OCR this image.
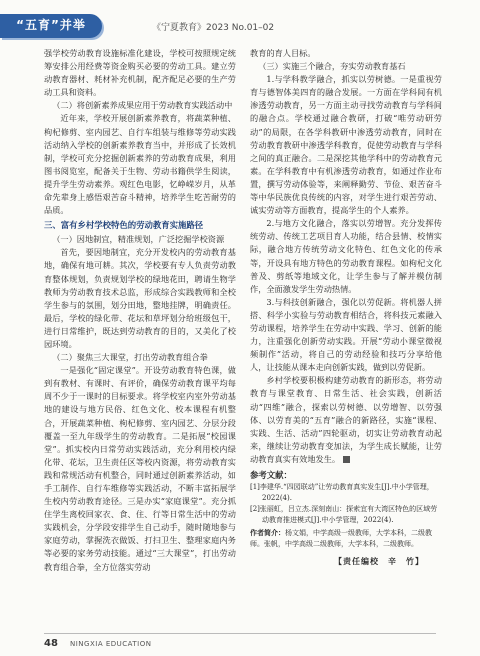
“五育”并举	《宁夏教育》2023 No.01–02

强学校劳动教育设施标准化建设，学校可按照规定统筹安排公用经费等资金购买必要的劳动工具。建立劳动教育器材、耗材补充机制，配齐配足必要的生产劳动工具和资料。

（二）将创新素养成果应用于劳动教育实践活动中

近年来，学校开展创新素养教育，将蔬菜种植、枸杞修剪、室内园艺、自行车组装与维修等劳动实践活动纳入学校的创新素养教育当中，并形成了长效机制，学校可充分挖掘创新素养的劳动教育成果，利用图书阅览室，配备关于生物、劳动书籍供学生阅读，提升学生劳动素养。观红色电影，忆峥嵘岁月，从革命先辈身上感悟艰苦奋斗精神，培养学生吃苦耐劳的品质。

三、富有乡村学校特色的劳动教育实施路径

（一）因地制宜，精准规划，广泛挖掘学校资源

首先，要因地制宜，充分开发校内的劳动教育基地，确保有地可耕。其次，学校要有专人负责劳动教育整体规划，负责规划学校的绿地花田，聘请生物学教师为劳动教育技术总监，形成综合实践教师和全校学生参与的氛围，划分田地，整地挂牌，明确责任。最后，学校的绿化带、花坛和草坪划分给班级包干，进行日常维护，既达到劳动教育的目的，又美化了校园环境。

（二）聚焦三大课堂，打出劳动教育组合拳

一是强化“固定课堂”。开设劳动教育特色课，做到有教材、有课时、有评价，确保劳动教育课平均每周不少于一课时的目标要求。将学校室内室外劳动基地的建设与地方民俗、红色文化、校本课程有机整合，开展蔬菜种植、枸杞修剪、室内园艺、分层分段覆盖一至九年级学生的劳动教育。二是拓展“校园课堂”。抓实校内日常劳动实践活动，充分利用校内绿化带、花坛，卫生责任区等校内资源，将劳动教育实践和常规活动有机整合，同时通过创新素养活动，如手工制作、自行车维修等实践活动，不断丰富拓展学生校内劳动教育途径。三是办实“家庭课堂”。充分抓住学生离校回家衣、食、住、行等日常生活中的劳动实践机会，分学段安排学生自己动手，随时随地参与家庭劳动，掌握洗衣做饭、打扫卫生、整理家庭内务等必要的家务劳动技能。通过“三大课堂”，打出劳动教育组合拳，全方位落实劳动

教育的育人目标。

（三）实施三个融合，夯实劳动教育基石

1.与学科教学融合，抓实以劳树德。一是重视劳育与德智体美四育的融合发展。一方面在学科间有机渗透劳动教育，另一方面主动寻找劳动教育与学科间的融合点。学校通过融合教研，打破“唯劳动研劳动”的局限，在各学科教研中渗透劳动教育，同时在劳动教育教研中渗透学科教育，促使劳动教育与学科之间的真正融合。二是深挖其他学科中的劳动教育元素。在学科教育中有机渗透劳动教育，如通过作业布置，撰写劳动体验等，来阐释勤劳、节俭、艰苦奋斗等中华民族优良传统的内容，对学生进行艰苦劳动、诚实劳动等方面教育，提高学生的个人素养。

2.与地方文化融合，落实以劳增智。充分发挥传统劳动、传统工艺项目育人功能，结合县情、校情实际，融合地方传统劳动文化特色、红色文化的传承等，开设具有地方特色的劳动教育课程。如枸杞文化普及、剪纸等地域文化，让学生参与了解并模仿制作，全面激发学生劳动热情。

3.与科技创新融合，强化以劳促新。将机器人拼搭、科学小实验与劳动教育相结合，将科技元素融入劳动课程，培养学生在劳动中实践、学习、创新的能力，注重强化创新劳动实践。开展“劳动小课堂微视频制作”活动，将自己的劳动经验和技巧分享给他人，让技能从课本走向创新实践，做到以劳促新。

乡村学校要积极构建劳动教育的新形态，将劳动教育与课堂教育、日常生活、社会实践，创新活动“四维”融合，探索以劳树德、以劳增智、以劳强体、以劳育美的“五育”融合的新路径，实施“课程、实践、生活、活动”四轮驱动，切实让劳动教育动起来，继续让劳动教育变加法，为学生成长赋能，让劳动教育真实有效地发生。

参考文献：

[1]李建华.“四园联动”让劳动教育真实发生[J].中小学管理，2022(4).

[2]张丽虹，吕立杰.深刻南山：探索宜有大湾区特色的区域劳动教育推进模式[J].中小学管理，2022(4).

作者简介：杨文娟，中学高级一级教师，大学本科，二级教师。张帆，中学高级二级教师，大学本科，二级教师。

【责任编校　辛　竹】

48 NINGXIA EDUCATION
